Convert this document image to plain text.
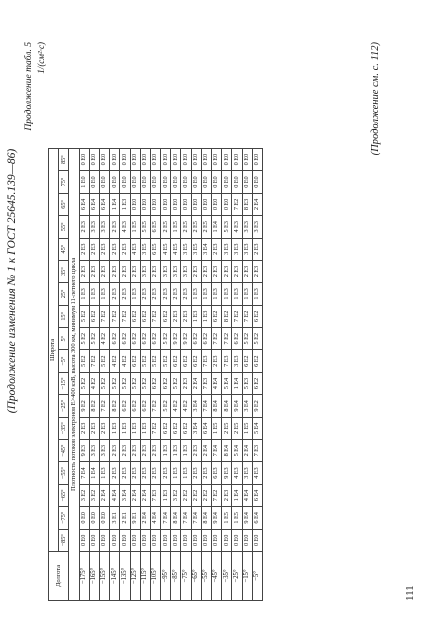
(Продолжение изменения № 1 к ГОСТ 25645.139—86)
Продолжение табл. 5 1/(см²·с)
Долгота	Широта																	
	−85°	−75°	−65°	−55°	−45°	−35°	−25°	−15°	−5°	5°	15°	25°	35°	45°	55°	65°	75°	85°
Плотность потоков электронов E>400 кэВ, высота 300 км, минимум 11-летнего цикла																		
−175°	0 E0	0 E0	3 E2	7 E4	9 E3	2 E3	9 E2	5 E2	5 E2	5 E2	5 E2	1 E3	2 E3	2 E3	2 E3	6 E4	1 E0	0 E0
−165°	0 E0	0 E0	3 E2	1 E4	3 E3	2 E3	8 E2	4 E2	7 E2	5 E2	6 E2	1 E3	2 E3	2 E3	3 E3	6 E4	0 E0	0 E0
−155°	0 E0	0 E0	2 E4	1 E3	3 E3	2 E3	7 E2	5 E2	5 E2	4 E2	7 E2	1 E3	2 E3	2 E3	3 E3	6 E4	0 E0	0 E0
−145°	0 E0	3 E1	4 E4	2 E3	2 E3	1 E3	8 E2	5 E2	4 E2	6 E2	7 E2	2 E3	2 E3	2 E3	2 E3	1 E4	0 E0	0 E0
−135°	0 E0	2 E1	3 E4	2 E3	2 E3	1 E3	6 E2	5 E2	4 E2	6 E2	7 E2	2 E3	2 E3	2 E3	4 E3	1 E3	0 E0	0 E0
−125°	0 E0	9 E1	2 E4	2 E3	2 E3	1 E3	6 E2	5 E2	6 E2	6 E2	6 E2	1 E3	2 E3	4 E3	1 E5	0 E0	0 E0	0 E0
−115°	0 E0	2 E4	2 E4	2 E3	2 E3	1 E3	6 E2	5 E2	5 E2	6 E2	6 E2	2 E3	3 E3	3 E5	5 E5	0 E0	0 E0	0 E0
−105°	0 E0	4 E4	7 E3	2 E3	2 E3	7 E2	7 E2	6 E2	5 E2	6 E2	7 E2	2 E3	2 E3	6 E5	6 E5	0 E0	0 E0	0 E0
−95°	0 E0	7 E4	1 E3	2 E3	1 E3	6 E2	5 E2	6 E2	5 E2	5 E2	6 E2	2 E3	3 E3	4 E5	2 E5	0 E0	0 E0	0 E0
−85°	0 E0	8 E4	3 E2	1 E3	1 E3	6 E2	4 E2	5 E2	6 E2	9 E2	2 E3	2 E3	3 E3	4 E5	1 E5	0 E0	0 E0	0 E0
−75°	0 E0	7 E4	2 E2	1 E3	1 E3	6 E2	4 E2	2 E3	6 E2	9 E2	2 E3	2 E3	3 E3	3 E5	2 E5	0 E0	0 E0	0 E0
−65°	0 E0	7 E4	2 E2	2 E3	2 E3	3 E4	3 E4	2 E4	6 E2	6 E2	1 E3	1 E3	2 E3	3 E5	2 E5	0 E0	0 E0	0 E0
−55°	0 E0	8 E4	2 E2	2 E3	2 E4	6 E4	7 E4	7 E3	7 E3	6 E2	1 E3	1 E3	2 E3	3 E4	2 E5	0 E0	0 E0	0 E0
−45°	0 E0	9 E4	7 E2	6 E3	7 E4	1 E5	8 E4	4 E4	2 E3	7 E2	6 E2	1 E3	2 E3	2 E3	1 E4	0 E0	0 E0	0 E0
−35°	0 E0	1 E5	2 E3	9 E3	8 E4	2 E5	8 E4	5 E4	7 E3	7 E2	8 E2	1 E3	2 E3	3 E3	5 E3	0 E0	0 E0	0 E0
−25°	0 E0	1 E5	1 E4	4 E3	5 E4	2 E5	9 E4	1 E4	3 E3	6 E2	7 E2	1 E3	2 E3	3 E3	4 E3	7 E2	0 E0	0 E0
−15°	0 E0	9 E4	4 E4	3 E3	2 E4	1 E5	3 E4	5 E3	6 E2	5 E2	7 E2	1 E3	2 E3	3 E3	3 E3	8 E3	0 E0	0 E0
−5°	0 E0	6 E4	6 E4	4 E3	7 E3	5 E4	9 E2	6 E2	6 E2	5 E2	6 E2	1 E3	2 E3	2 E3	3 E3	2 E4	0 E0	0 E0
(Продолжение см. с. 112)
111
